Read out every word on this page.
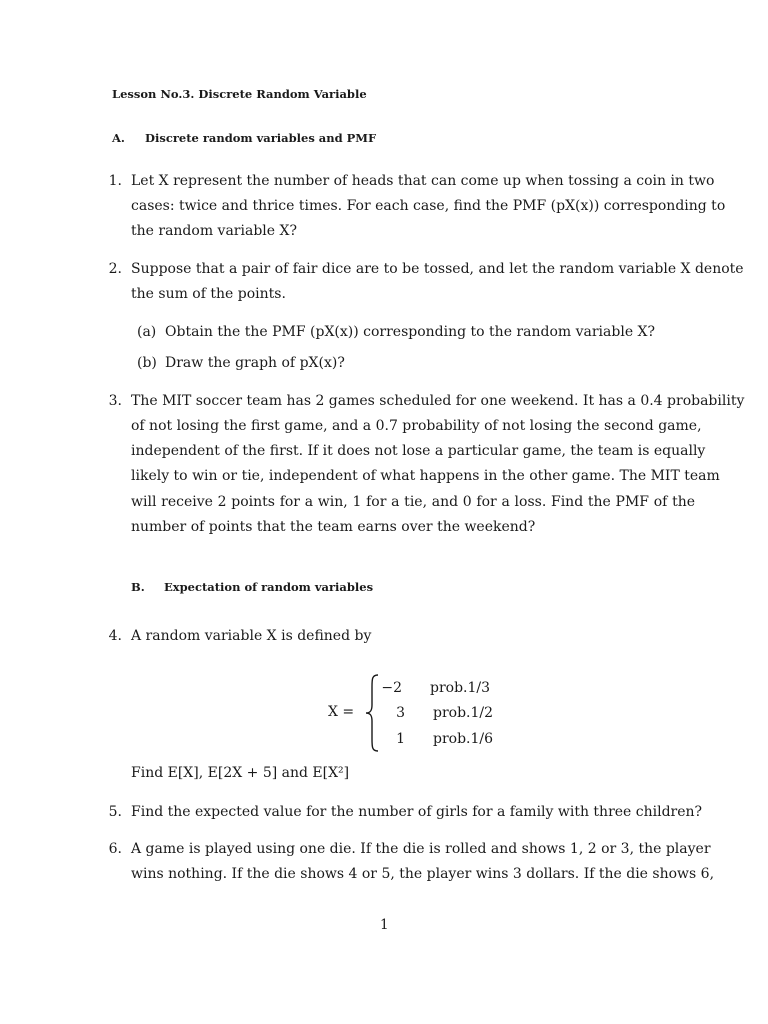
Lesson No.3. Discrete Random Variable
A. Discrete random variables and PMF
1. Let X represent the number of heads that can come up when tossing a coin in two
cases: twice and thrice times. For each case, find the PMF (pX(x)) corresponding to
the random variable X?
2. Suppose that a pair of fair dice are to be tossed, and let the random variable X denote
the sum of the points.
(a) Obtain the the PMF (pX(x)) corresponding to the random variable X?
(b) Draw the graph of pX(x)?
3. The MIT soccer team has 2 games scheduled for one weekend. It has a 0.4 probability
of not losing the first game, and a 0.7 probability of not losing the second game,
independent of the first. If it does not lose a particular game, the team is equally
likely to win or tie, independent of what happens in the other game. The MIT team
will receive 2 points for a win, 1 for a tie, and 0 for a loss. Find the PMF of the
number of points that the team earns over the weekend?
B. Expectation of random variables
4. A random variable X is defined by
X =
−2 prob.1/3
3 prob.1/2
1 prob.1/6
Find E[X], E[2X + 5] and E[X²]
5. Find the expected value for the number of girls for a family with three children?
6. A game is played using one die. If the die is rolled and shows 1, 2 or 3, the player
wins nothing. If the die shows 4 or 5, the player wins 3 dollars. If the die shows 6,
1
